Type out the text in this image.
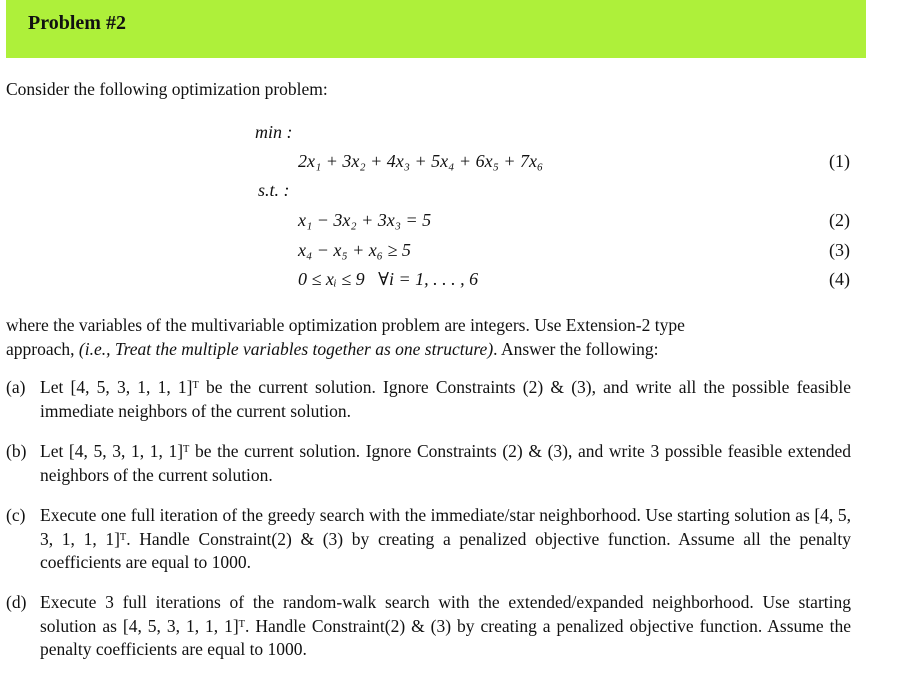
Problem #2
Consider the following optimization problem:
min :
2x₁ + 3x₂ + 4x₃ + 5x₄ + 6x₅ + 7x₆	(1)
s.t. :
x₁ − 3x₂ + 3x₃ = 5	(2)
x₄ − x₅ + x₆ ≥ 5	(3)
0 ≤ xᵢ ≤ 9   ∀i = 1, . . . , 6	(4)
where the variables of the multivariable optimization problem are integers. Use Extension-2 type
approach, (i.e., Treat the multiple variables together as one structure). Answer the following:
(a) Let [4, 5, 3, 1, 1, 1]ᵀ be the current solution. Ignore Constraints (2) & (3), and write all the possible feasible immediate neighbors of the current solution.
(b) Let [4, 5, 3, 1, 1, 1]ᵀ be the current solution. Ignore Constraints (2) & (3), and write 3 possible feasible extended neighbors of the current solution.
(c) Execute one full iteration of the greedy search with the immediate/star neighborhood. Use starting solution as [4, 5, 3, 1, 1, 1]ᵀ. Handle Constraint(2) & (3) by creating a penalized objective function. Assume all the penalty coefficients are equal to 1000.
(d) Execute 3 full iterations of the random-walk search with the extended/expanded neighborhood. Use starting solution as [4, 5, 3, 1, 1, 1]ᵀ. Handle Constraint(2) & (3) by creating a penalized objective function. Assume the penalty coefficients are equal to 1000.
